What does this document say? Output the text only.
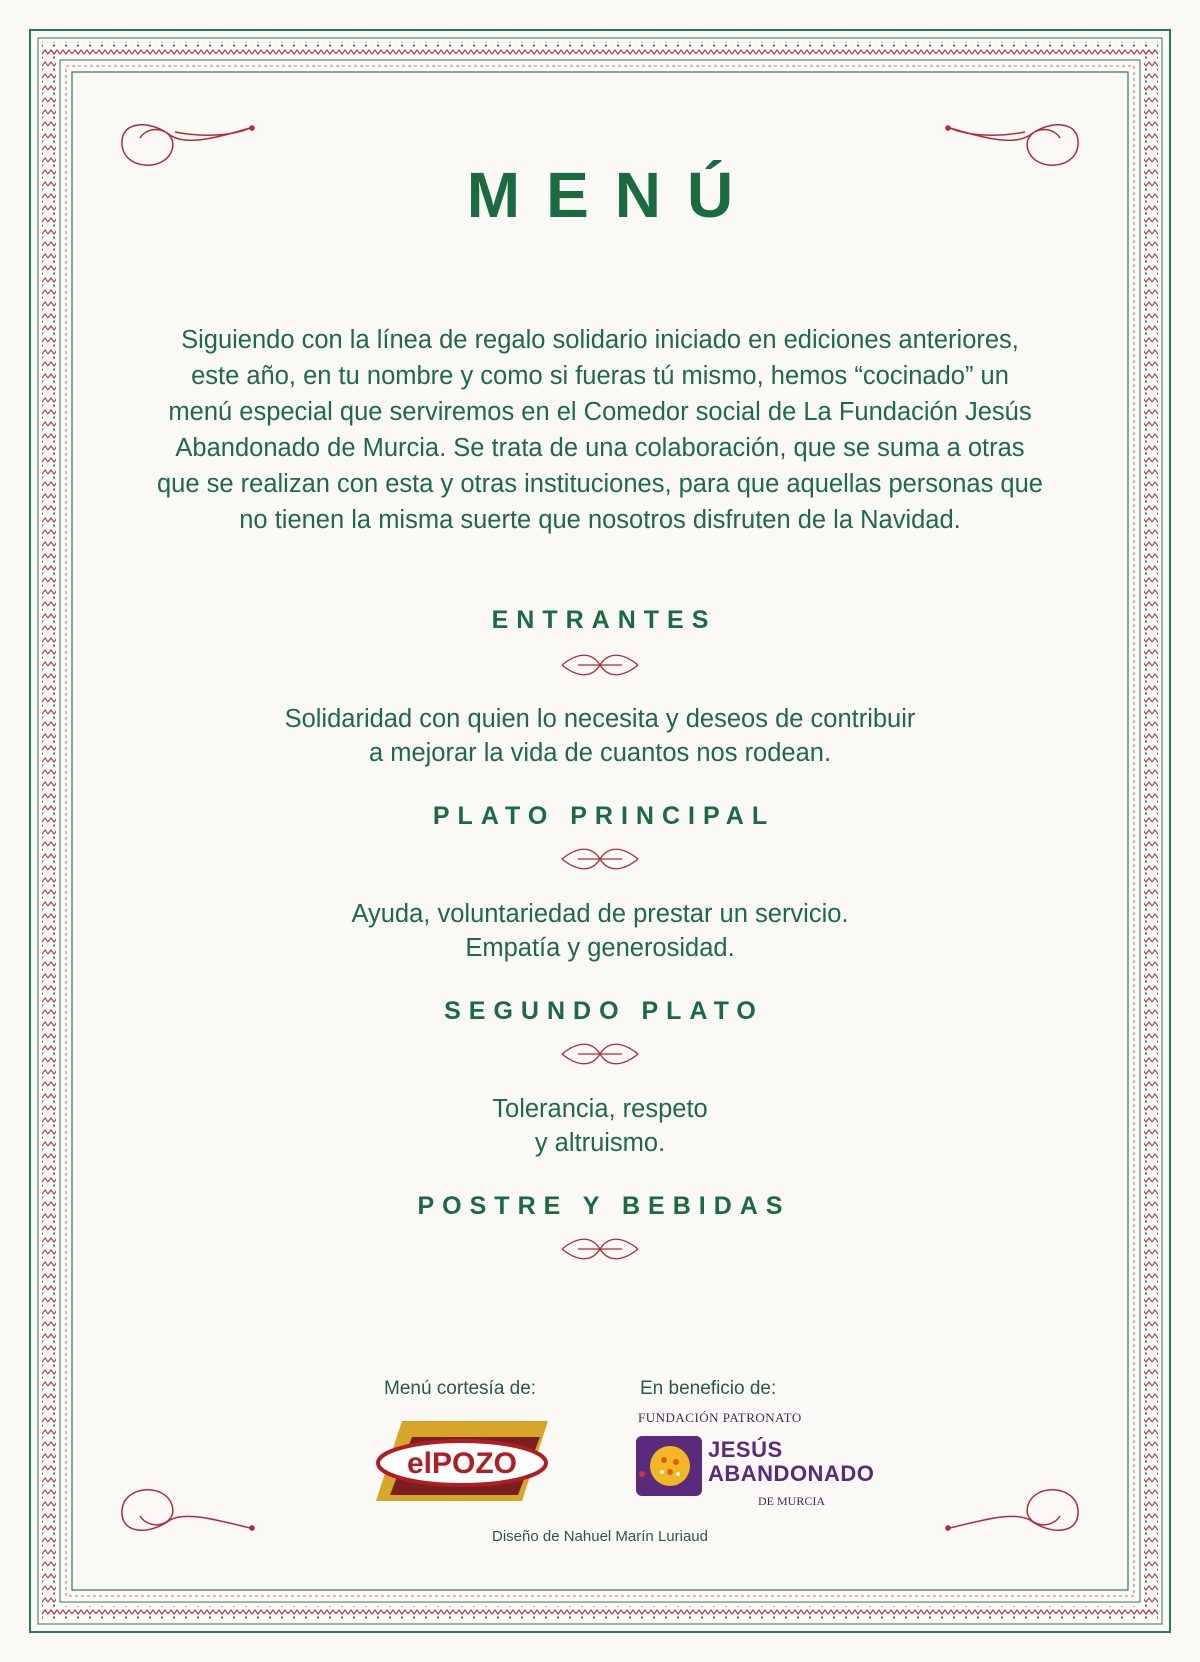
MENÚ

Siguiendo con la línea de regalo solidario iniciado en ediciones anteriores,

este año, en tu nombre y como si fueras tú mismo, hemos “cocinado” un

menú especial que serviremos en el Comedor social de La Fundación Jesús

Abandonado de Murcia. Se trata de una colaboración, que se suma a otras

que se realizan con esta y otras instituciones, para que aquellas personas que

no tienen la misma suerte que nosotros disfruten de la Navidad.

ENTRANTES

Solidaridad con quien lo necesita y deseos de contribuir

a mejorar la vida de cuantos nos rodean.

PLATO PRINCIPAL

Ayuda, voluntariedad de prestar un servicio.

Empatía y generosidad.

SEGUNDO PLATO

Tolerancia, respeto

y altruismo.

POSTRE Y BEBIDAS
Menú cortesía de:	En beneficio de:
elPOZO
FUNDACIÓN PATRONATO
JESÚS
ABANDONADO
DE MURCIA
Diseño de Nahuel Marín Luriaud
